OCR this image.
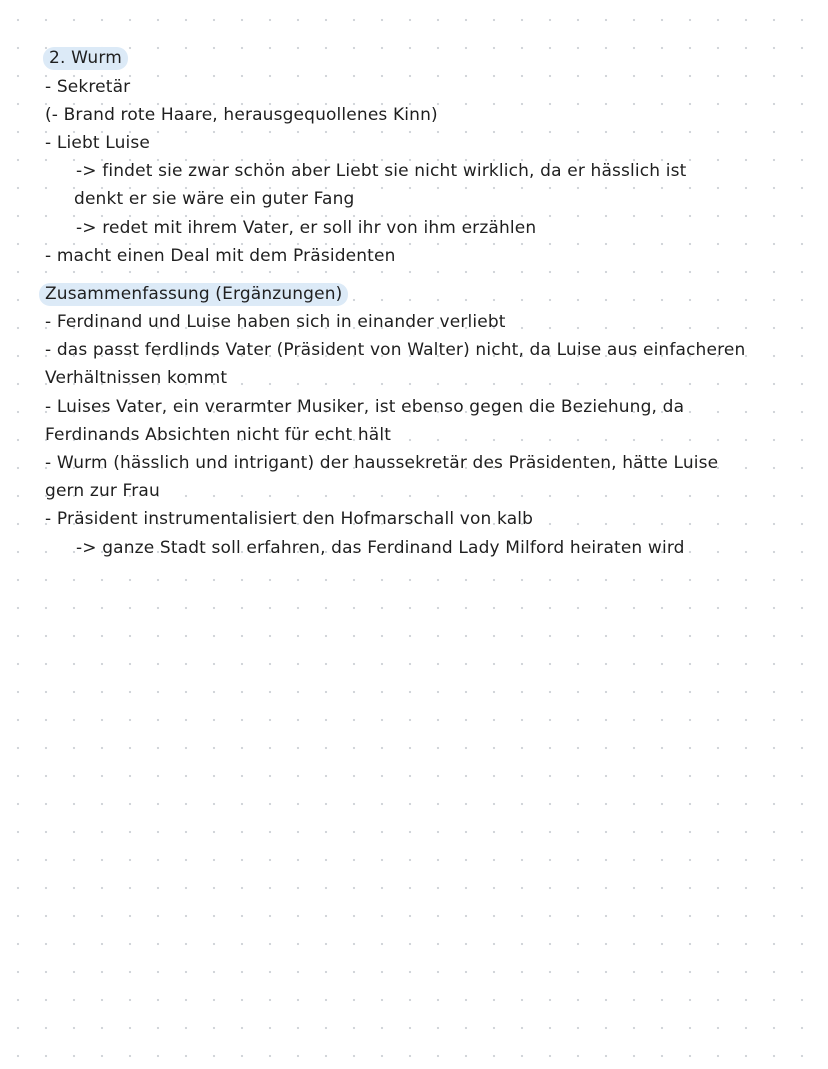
2. Wurm
- Sekretär
(- Brand rote Haare, herausgequollenes Kinn)
- Liebt Luise
-> findet sie zwar schön aber Liebt sie nicht wirklich, da er hässlich ist
denkt er sie wäre ein guter Fang
-> redet mit ihrem Vater, er soll ihr von ihm erzählen
- macht einen Deal mit dem Präsidenten
Zusammenfassung (Ergänzungen)
- Ferdinand und Luise haben sich in einander verliebt
- das passt ferdlinds Vater (Präsident von Walter) nicht, da Luise aus einfacheren
Verhältnissen kommt
- Luises Vater, ein verarmter Musiker, ist ebenso gegen die Beziehung, da
Ferdinands Absichten nicht für echt hält
- Wurm (hässlich und intrigant) der haussekretär des Präsidenten, hätte Luise
gern zur Frau
- Präsident instrumentalisiert den Hofmarschall von kalb
-> ganze Stadt soll erfahren, das Ferdinand Lady Milford heiraten wird
